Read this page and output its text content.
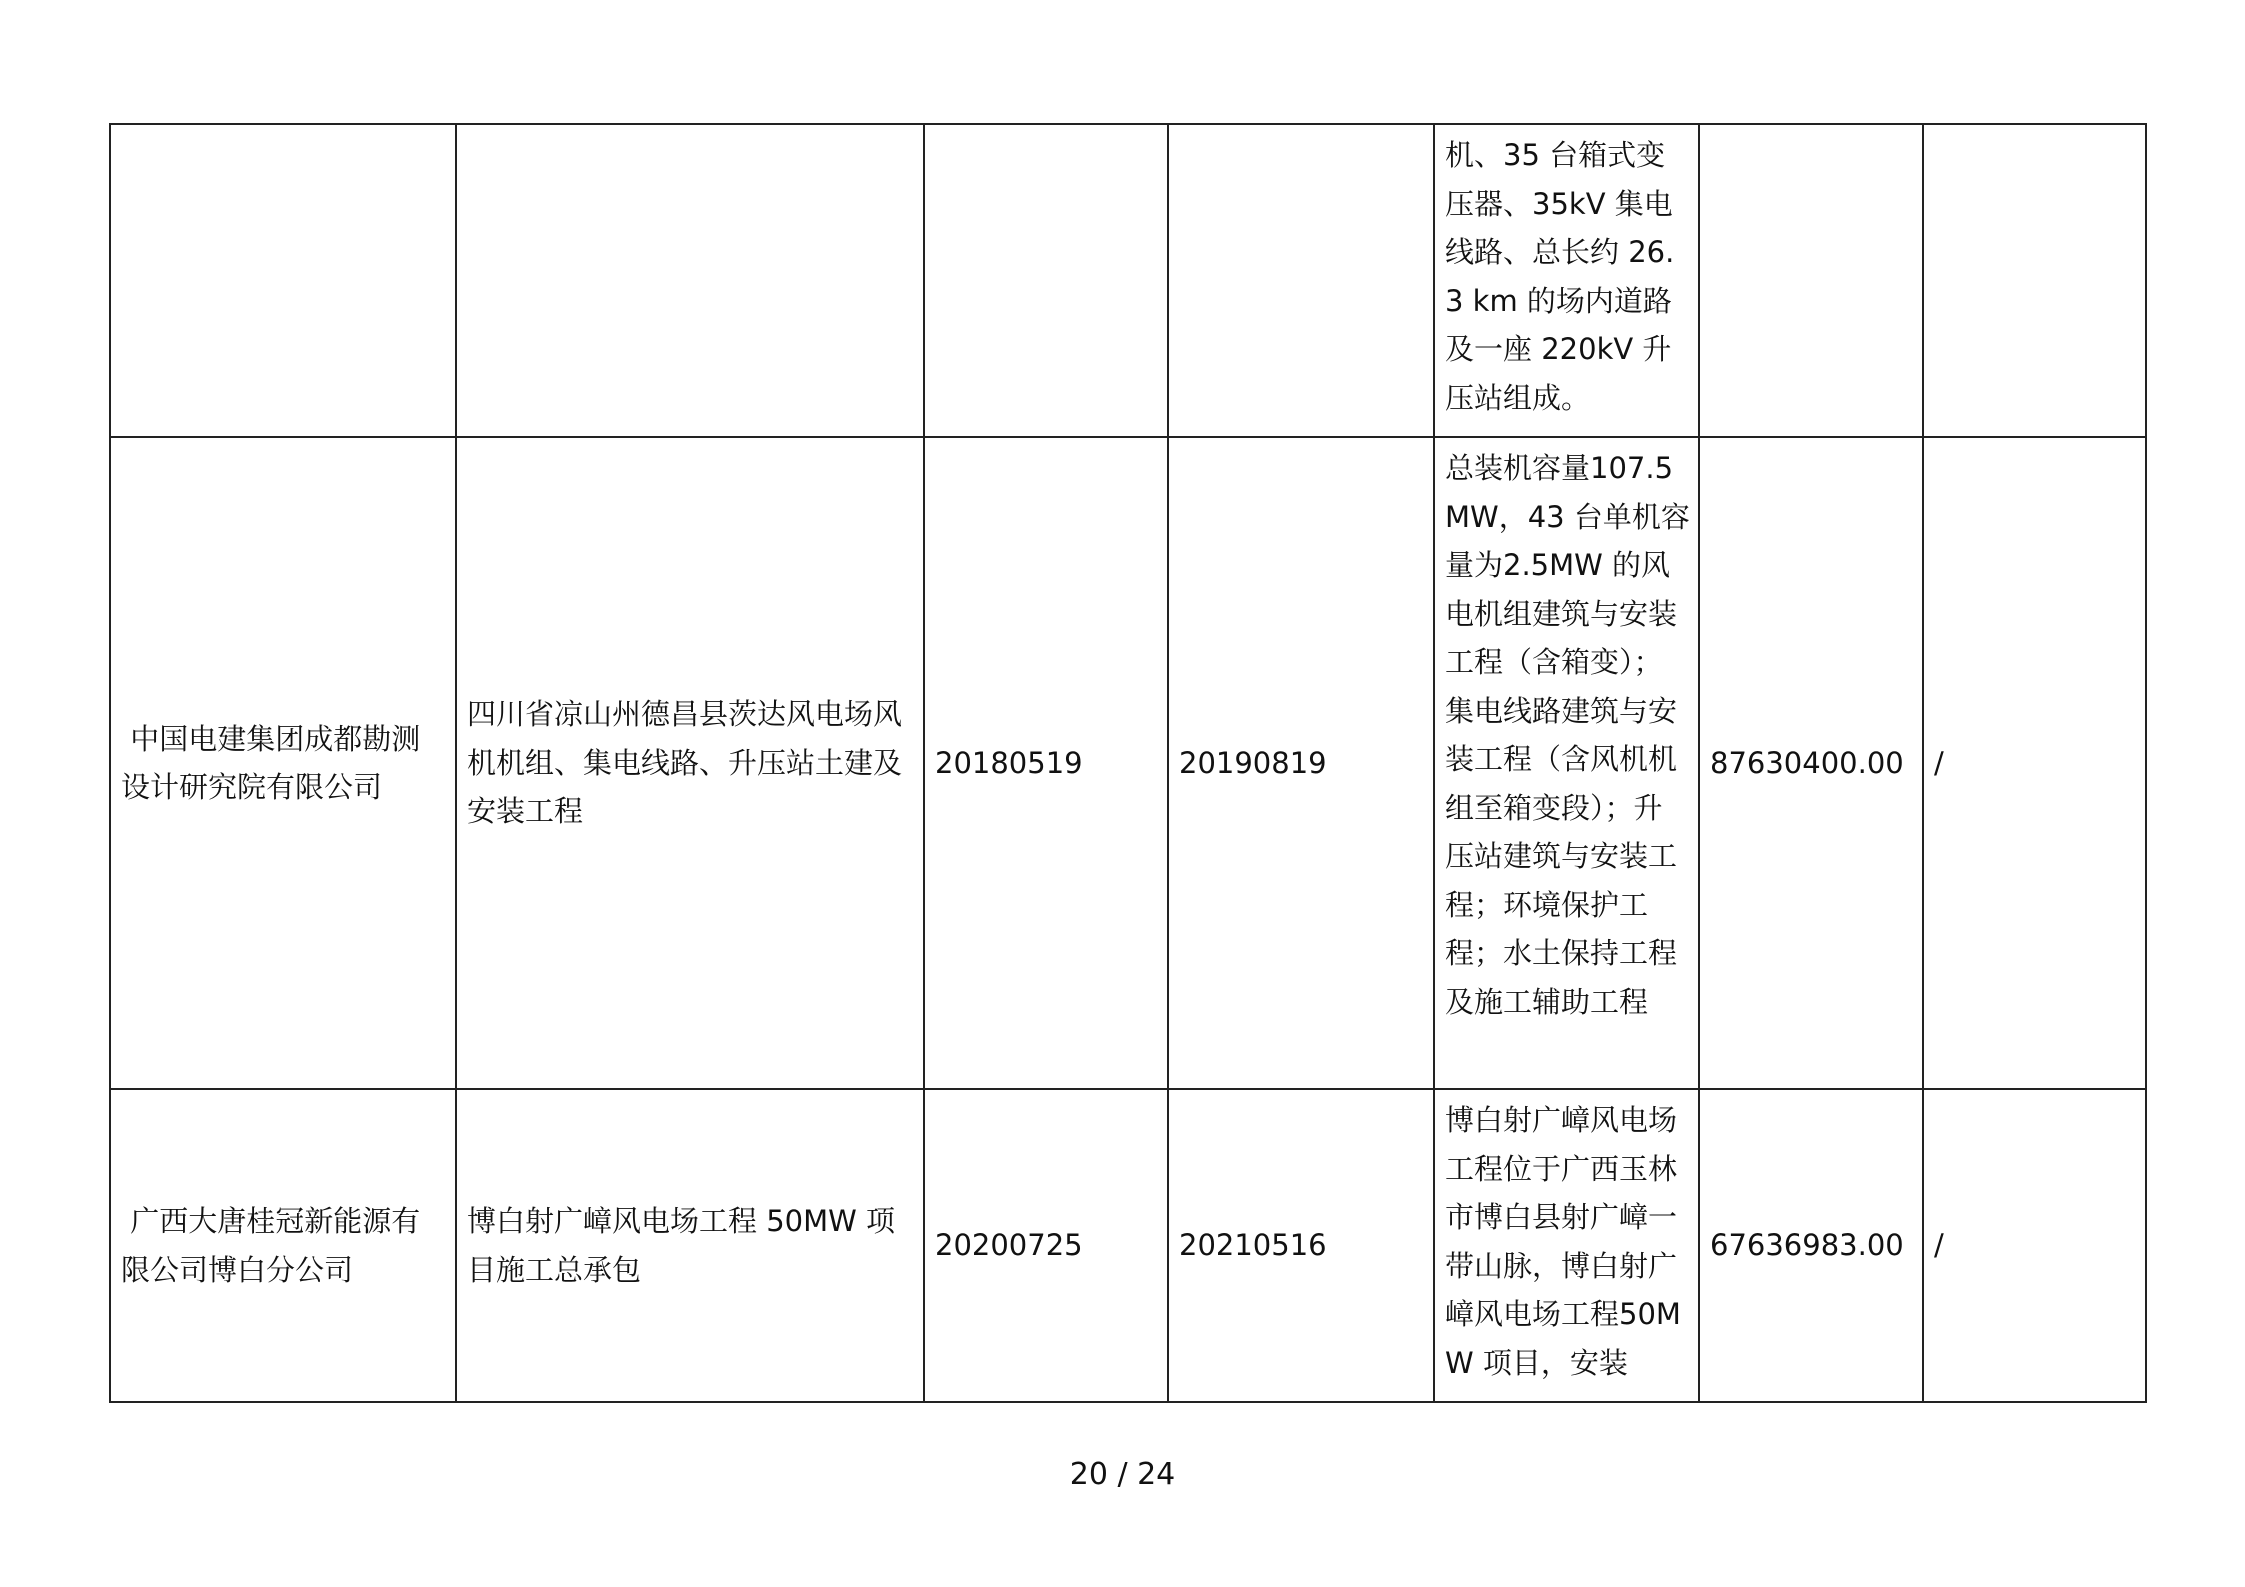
				机、35 台箱式变压器、35kV 集电线路、总长约 26.3 km 的场内道路及一座 220kV 升压站组成。		

中国电建集团成都勘测设计研究院有限公司	四川省凉山州德昌县茨达风电场风机机组、集电线路、升压站土建及安装工程	20180519	20190819	总装机容量107.5MW，43 台单机容量为2.5MW 的风电机组建筑与安装工程（含箱变）；集电线路建筑与安装工程（含风机机组至箱变段）；升压站建筑与安装工程；环境保护工程；水土保持工程及施工辅助工程	87630400.00	/

广西大唐桂冠新能源有限公司博白分公司	博白射广嶂风电场工程 50MW 项目施工总承包	20200725	20210516	博白射广嶂风电场工程位于广西玉林市博白县射广嶂一带山脉，博白射广嶂风电场工程50MW 项目，安装	67636983.00	/
20 / 24
